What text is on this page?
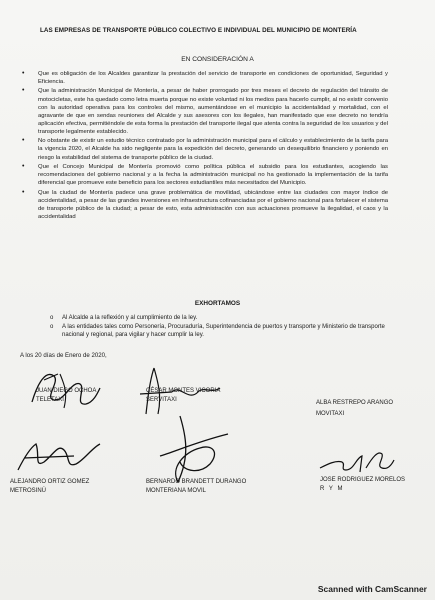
LAS EMPRESAS DE TRANSPORTE PÚBLICO COLECTIVO E INDIVIDUAL DEL MUNICIPIO DE MONTERÍA
EN CONSIDERACIÓN A
• Que es obligación de los Alcaldes garantizar la prestación del servicio de transporte en condiciones de oportunidad, Seguridad y Eficiencia.
• Que la administración Municipal de Montería, a pesar de haber prorrogado por tres meses el decreto de regulación del tránsito de motocicletas, este ha quedado como letra muerta porque no existe voluntad ni los medios para hacerlo cumplir, al no existir convenio con la autoridad operativa para los controles del mismo, aumentándose en el municipio la accidentalidad y mortalidad, con el agravante de que en sendas reuniones del Alcalde y sus asesores con los ilegales, han manifestado que ese decreto no tendría aplicación efectiva, permitiéndole de esta forma la prestación del transporte ilegal que atenta contra la seguridad de los usuarios y del transporte legalmente establecido.
• No obstante de existir un estudio técnico contratado por la administración municipal para el cálculo y establecimiento de la tarifa para la vigencia 2020, el Alcalde ha sido negligente para la expedición del decreto, generando un desequilibrio financiero y poniendo en riesgo la estabilidad del sistema de transporte público de la ciudad.
• Que el Concejo Municipal de Montería promovió como política pública el subsidio para los estudiantes, acogiendo las recomendaciones del gobierno nacional y a la fecha la administración municipal no ha gestionado la implementación de la tarifa diferencial que promueve este beneficio para los sectores estudiantiles más necesitados del Municipio.
• Que la ciudad de Montería padece una grave problemática de movilidad, ubicándose entre las ciudades con mayor índice de accidentalidad, a pesar de las grandes inversiones en infraestructura cofinanciadas por el gobierno nacional para fortalecer el sistema de transporte público de la ciudad; a pesar de esto, esta administración con sus actuaciones promueve la ilegalidad, el caos y la accidentalidad
EXHORTAMOS
o Al Alcalde a la reflexión y al cumplimiento de la ley.
o A las entidades tales como Personería, Procuraduría, Superintendencia de puertos y transporte y Ministerio de transporte nacional y regional, para vigilar y hacer cumplir la ley.
A los 20 días de Enero de 2020,
JUAN DIEGO OCHOA
TELETAXI
CÉSAR MONTES VICORIA
SERVITAXI
ALBA RESTREPO ARANGO
MOVITAXI
ALEJANDRO ORTIZ GOMEZ
METROSINÚ
BERNARDO BRANDETT DURANGO
MONTERIANA MOVIL
JOSE RODRIGUEZ MORELOS
R Y M
Scanned with CamScanner
